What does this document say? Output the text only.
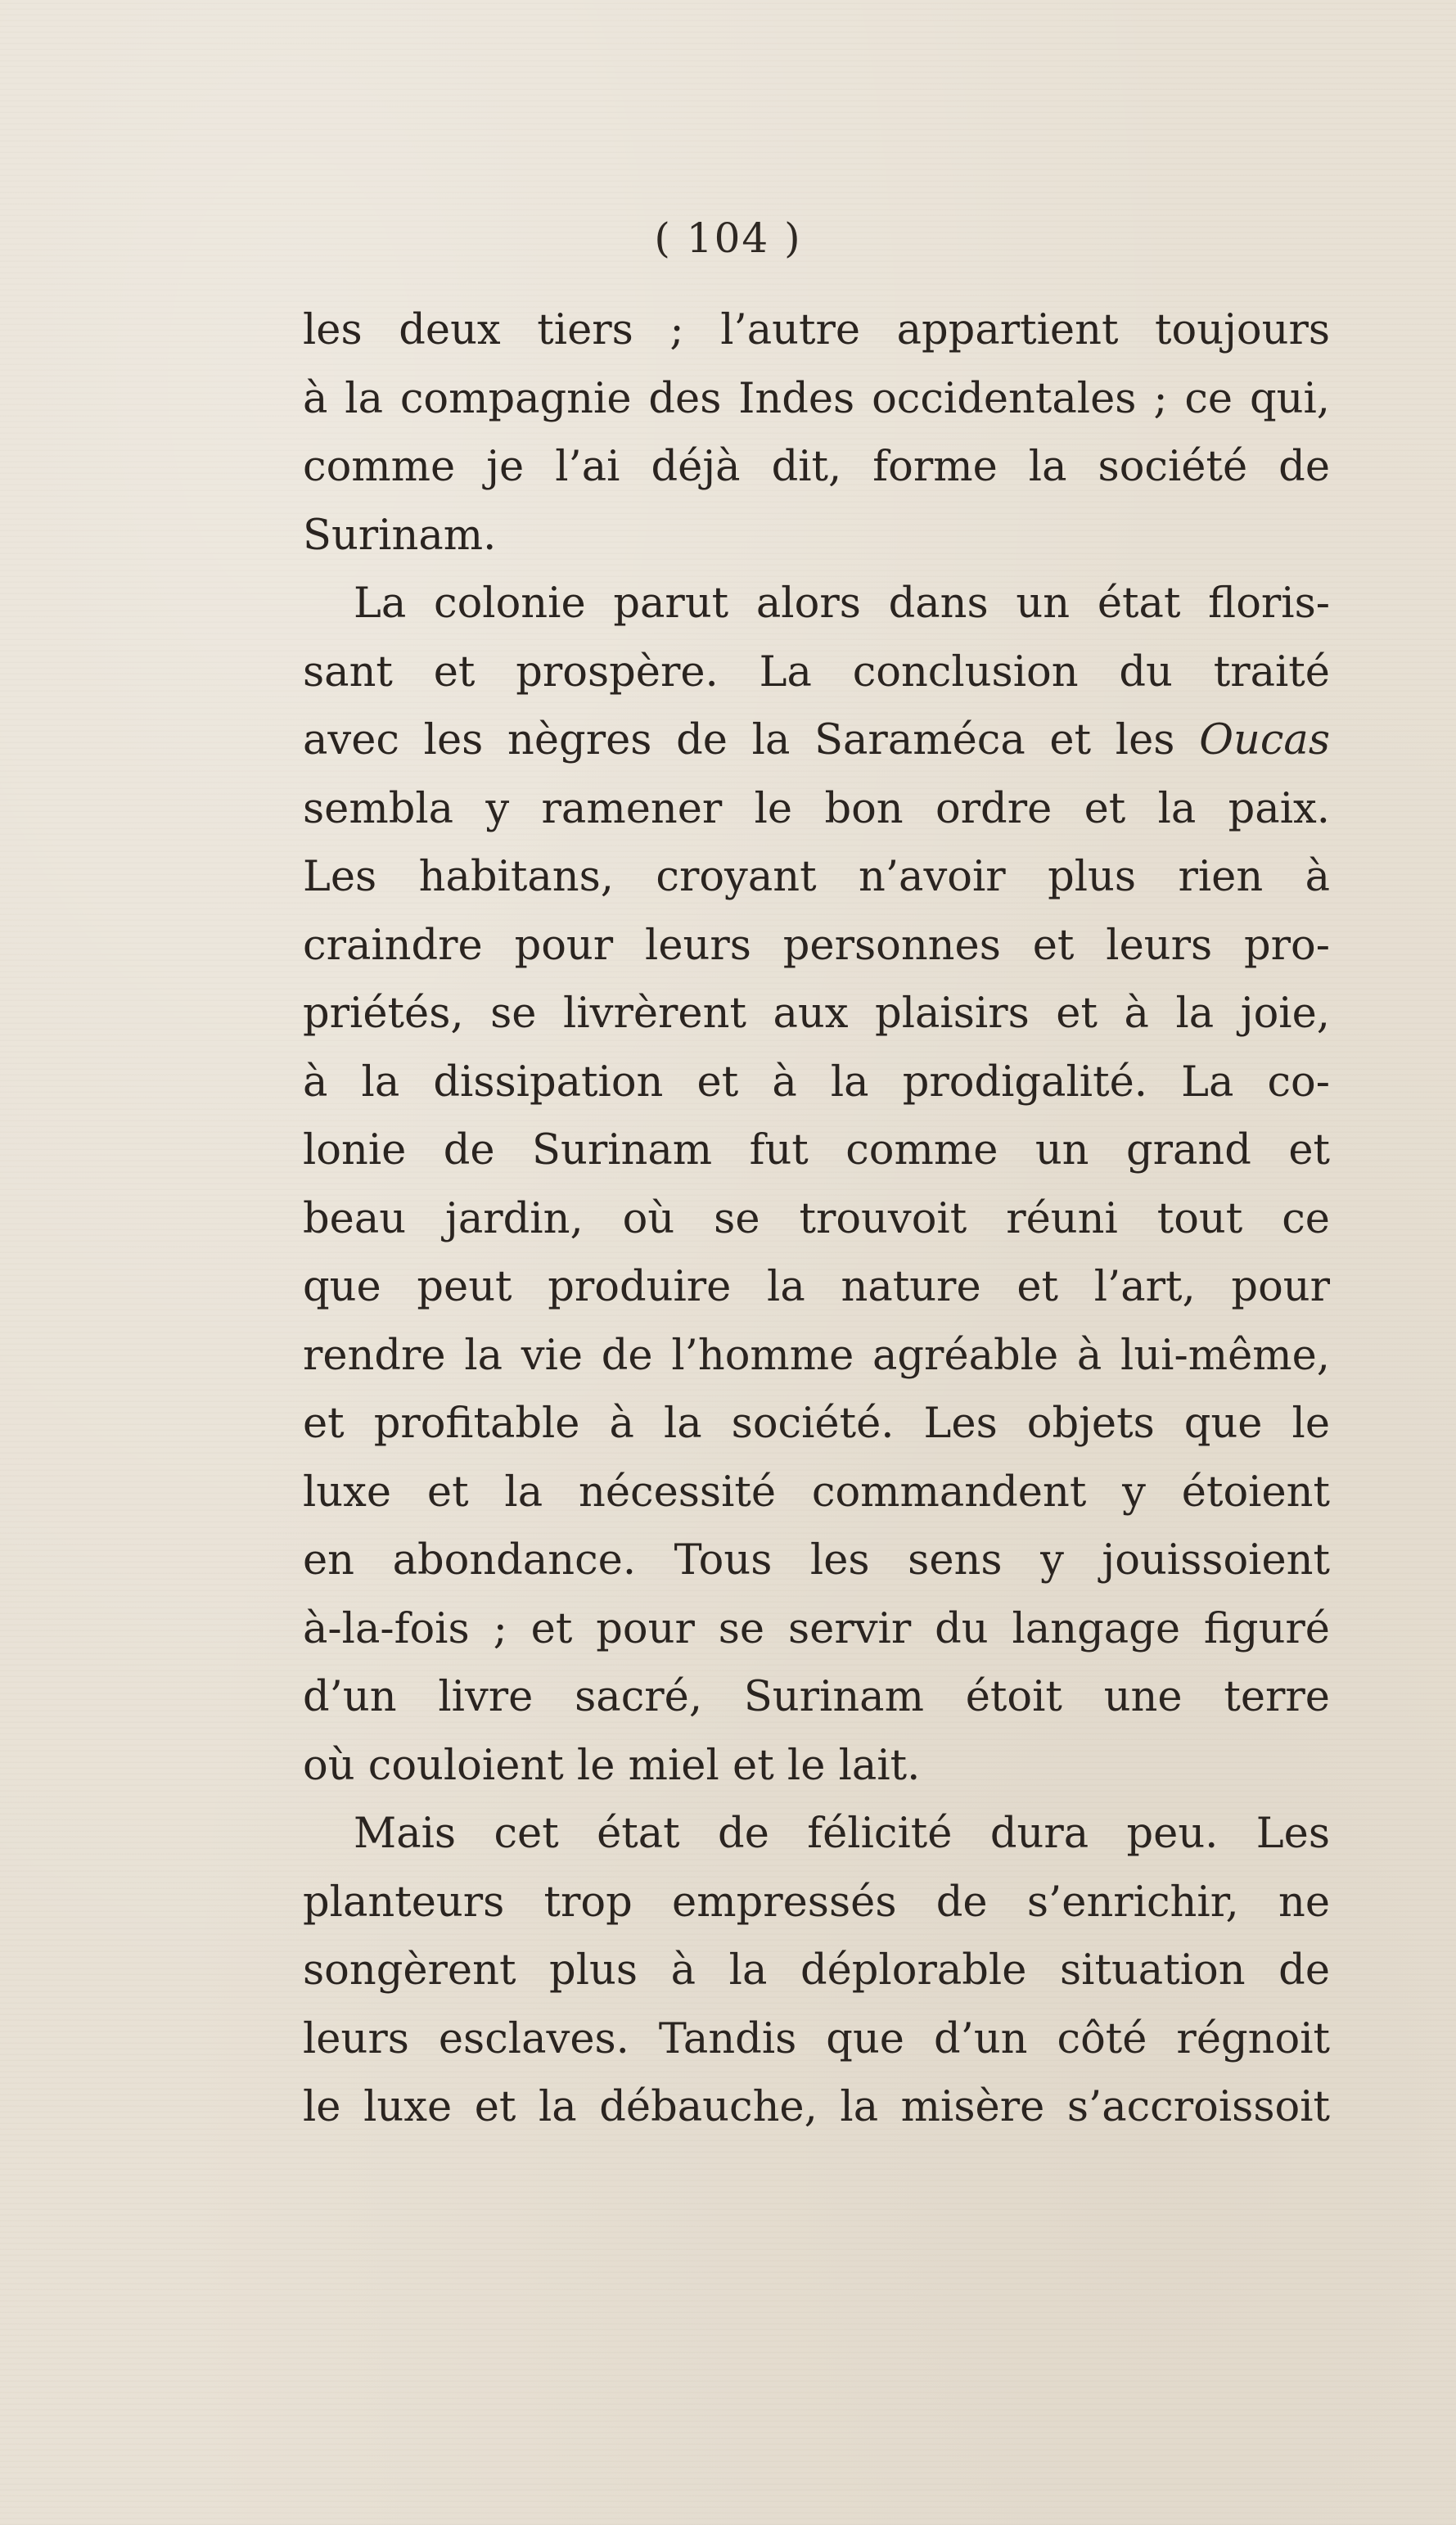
( 104 )
les deux tiers ; l’autre appartient toujours
à la compagnie des Indes occidentales ; ce qui,
comme je l’ai déjà dit, forme la société de
Surinam.
La colonie parut alors dans un état floris-
sant et prospère. La conclusion du traité
avec les nègres de la Saraméca et les Oucas
sembla y ramener le bon ordre et la paix.
Les habitans, croyant n’avoir plus rien à
craindre pour leurs personnes et leurs pro-
priétés, se livrèrent aux plaisirs et à la joie,
à la dissipation et à la prodigalité. La co-
lonie de Surinam fut comme un grand et
beau jardin, où se trouvoit réuni tout ce
que peut produire la nature et l’art, pour
rendre la vie de l’homme agréable à lui-même,
et profitable à la société. Les objets que le
luxe et la nécessité commandent y étoient
en abondance. Tous les sens y jouissoient
à-la-fois ; et pour se servir du langage figuré
d’un livre sacré, Surinam étoit une terre
où couloient le miel et le lait.
Mais cet état de félicité dura peu. Les
planteurs trop empressés de s’enrichir, ne
songèrent plus à la déplorable situation de
leurs esclaves. Tandis que d’un côté régnoit
le luxe et la débauche, la misère s’accroissoit
